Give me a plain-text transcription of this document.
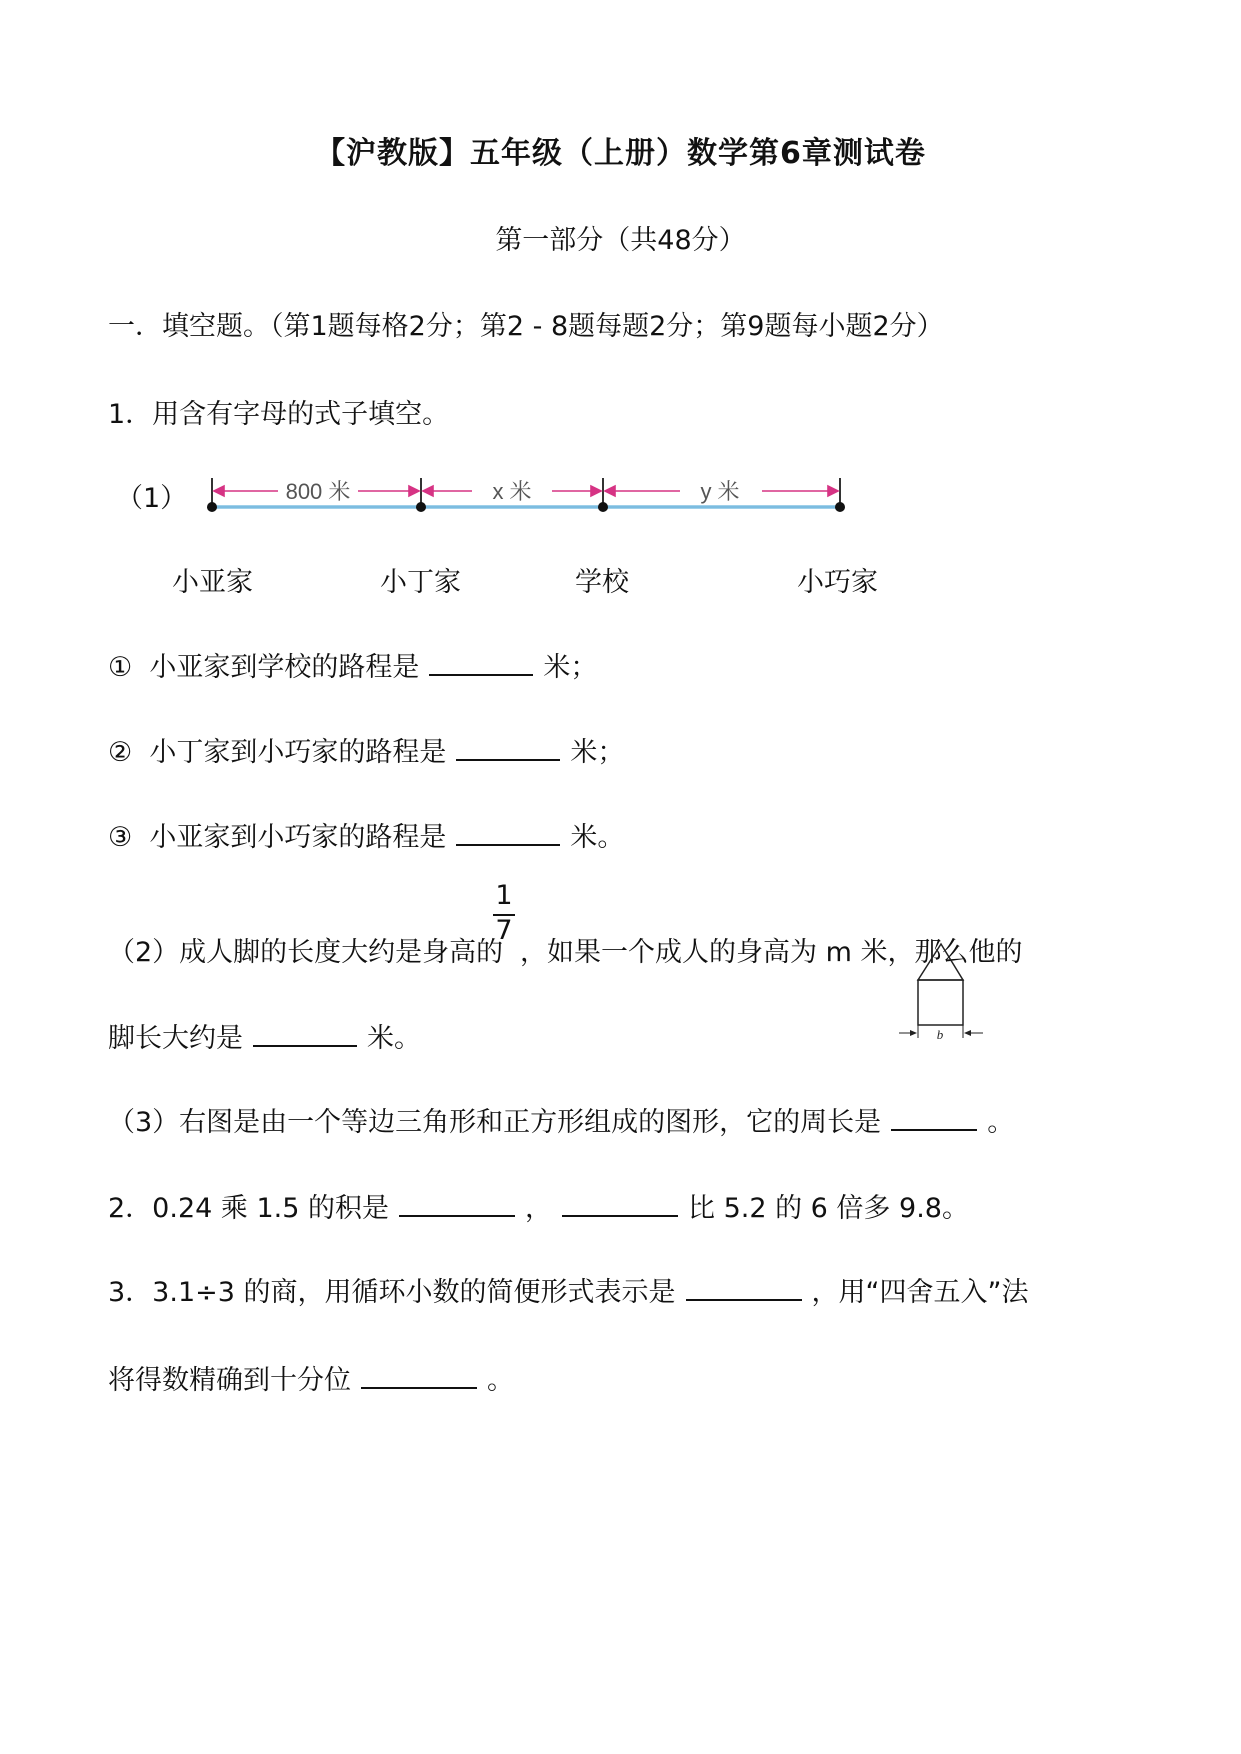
【沪教版】五年级（上册）数学第6章测试卷
第一部分（共48分）
一．填空题。（第1题每格2分；第2 - 8题每题2分；第9题每小题2分）
1．用含有字母的式子填空。
（1）	800 米	x 米	y 米
小亚家	小丁家	学校	小巧家
① 小亚家到学校的路程是	米；
② 小丁家到小巧家的路程是	米；
③ 小亚家到小巧家的路程是	米。
（2）成人脚的长度大约是身高的
1
7
，如果一个成人的身高为 m 米，那么他的
脚长大约是	米。	b
（3）右图是由一个等边三角形和正方形组成的图形，它的周长是	。
2．0.24 乘 1.5 的积是	，	比 5.2 的 6 倍多 9.8。
3．3.1÷3 的商，用循环小数的简便形式表示是	，用“四舍五入”法
将得数精确到十分位	。
